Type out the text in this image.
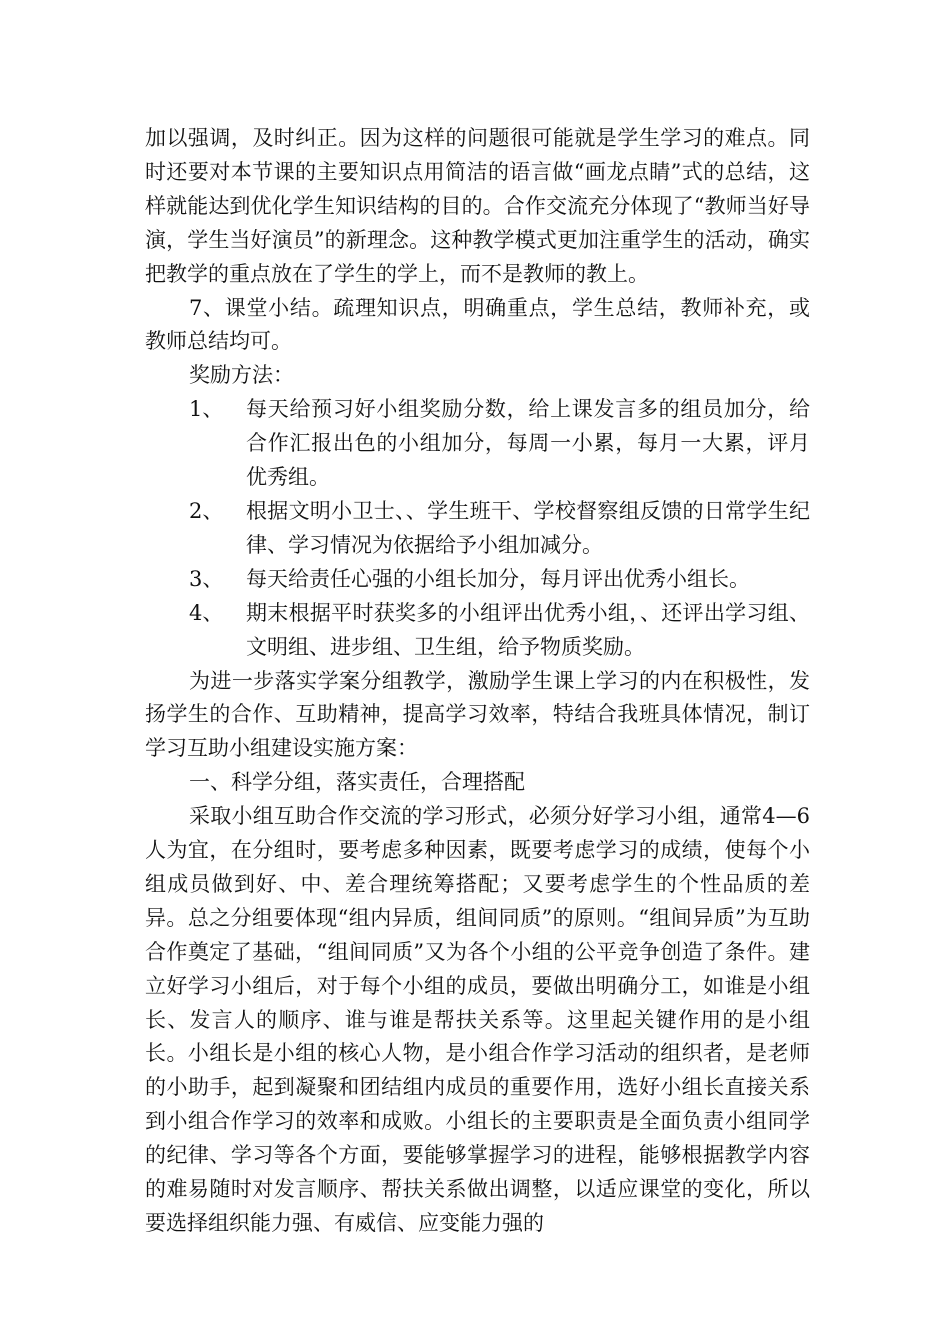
加以强调，及时纠正。因为这样的问题很可能就是学生学习的难点。同时还要对本节课的主要知识点用简洁的语言做“画龙点睛”式的总结，这样就能达到优化学生知识结构的目的。合作交流充分体现了“教师当好导演，学生当好演员”的新理念。这种教学模式更加注重学生的活动，确实把教学的重点放在了学生的学上，而不是教师的教上。

7、课堂小结。疏理知识点，明确重点，学生总结，教师补充，或教师总结均可。

奖励方法：

1、	每天给预习好小组奖励分数，给上课发言多的组员加分，给合作汇报出色的小组加分，每周一小累，每月一大累，评月优秀组。
2、	根据文明小卫士、、学生班干、学校督察组反馈的日常学生纪律、学习情况为依据给予小组加减分。
3、	每天给责任心强的小组长加分，每月评出优秀小组长。
4、	期末根据平时获奖多的小组评出优秀小组，、还评出学习组、文明组、进步组、卫生组，给予物质奖励。

为进一步落实学案分组教学，激励学生课上学习的内在积极性，发扬学生的合作、互助精神，提高学习效率，特结合我班具体情况，制订学习互助小组建设实施方案：

一、科学分组，落实责任，合理搭配

采取小组互助合作交流的学习形式，必须分好学习小组，通常4—6人为宜，在分组时，要考虑多种因素，既要考虑学习的成绩，使每个小组成员做到好、中、差合理统筹搭配；又要考虑学生的个性品质的差异。总之分组要体现“组内异质，组间同质”的原则。“组间异质”为互助合作奠定了基础，“组间同质”又为各个小组的公平竞争创造了条件。建立好学习小组后，对于每个小组的成员，要做出明确分工，如谁是小组长、发言人的顺序、谁与谁是帮扶关系等。这里起关键作用的是小组长。小组长是小组的核心人物，是小组合作学习活动的组织者，是老师的小助手，起到凝聚和团结组内成员的重要作用，选好小组长直接关系到小组合作学习的效率和成败。小组长的主要职责是全面负责小组同学的纪律、学习等各个方面，要能够掌握学习的进程，能够根据教学内容的难易随时对发言顺序、帮扶关系做出调整，以适应课堂的变化，所以要选择组织能力强、有威信、应变能力强的
